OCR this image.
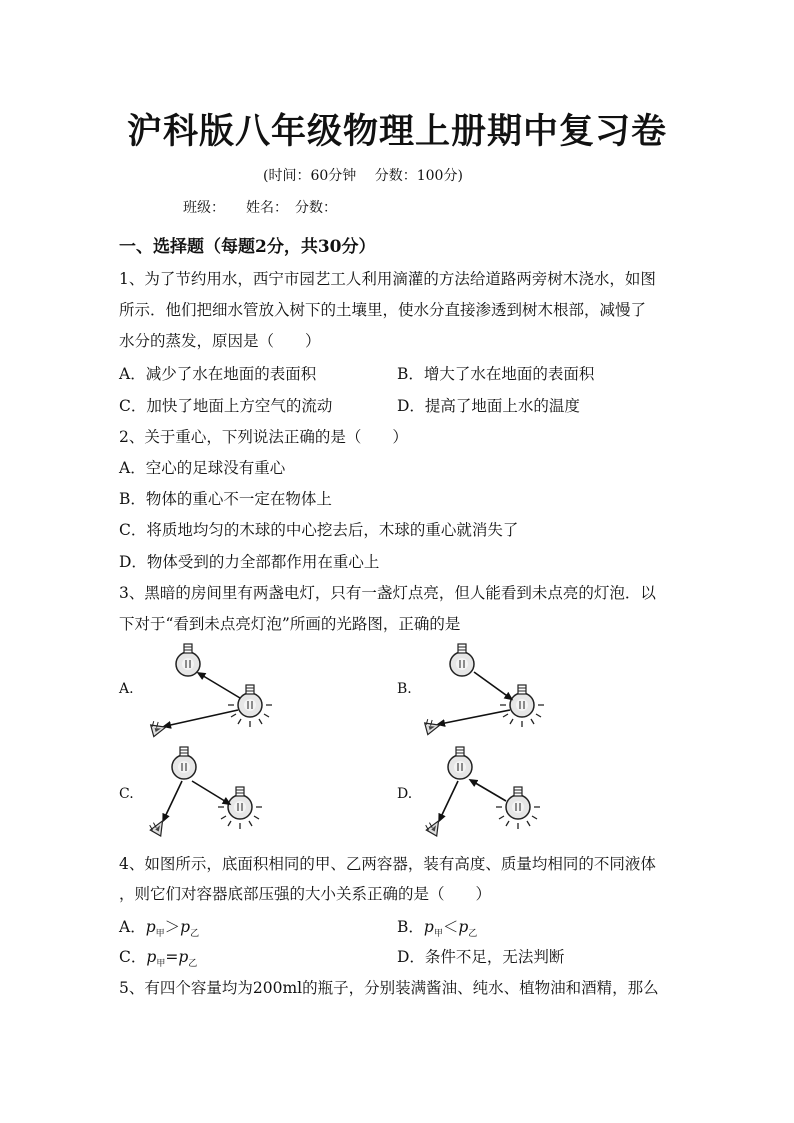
沪科版八年级物理上册期中复习卷
(时间：60分钟　 分数：100分)
班级：　　姓名：　分数：
一、选择题（每题2分，共30分）
1、为了节约用水，西宁市园艺工人利用滴灌的方法给道路两旁树木浇水，如图
所示．他们把细水管放入树下的土壤里，使水分直接渗透到树木根部，减慢了
水分的蒸发，原因是（　　）
A．减少了水在地面的表面积	B．增大了水在地面的表面积
C．加快了地面上方空气的流动	D．提高了地面上水的温度
2、关于重心，下列说法正确的是（　　）
A．空心的足球没有重心
B．物体的重心不一定在物体上
C．将质地均匀的木球的中心挖去后，木球的重心就消失了
D．物体受到的力全部都作用在重心上
3、黑暗的房间里有两盏电灯，只有一盏灯点亮，但人能看到未点亮的灯泡．以
下对于“看到未点亮灯泡”所画的光路图，正确的是
A.	B.
C.	D.
4、如图所示，底面积相同的甲、乙两容器，装有高度、质量均相同的不同液体
，则它们对容器底部压强的大小关系正确的是（　　）
A．$p_甲>p_乙$	B．$p_甲<p_乙$
C．$p_甲=p_乙$	D．条件不足，无法判断
5、有四个容量均为200ml的瓶子，分别装满酱油、纯水、植物油和酒精，那么
